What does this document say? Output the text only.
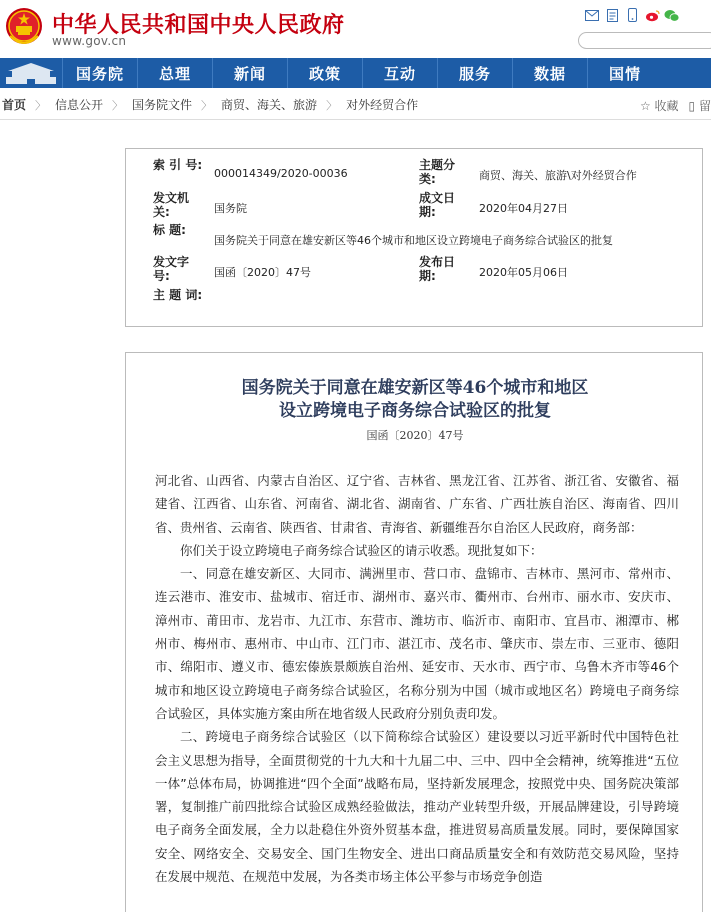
中华人民共和国中央人民政府
www.gov.cn
国务院	总理	新闻	政策	互动	服务	数据	国情
首页 〉 信息公开 〉 国务院文件 〉 商贸、海关、旅游 〉 对外经贸合作	☆ 收藏 ▯ 留
索 引 号:
000014349/2020-00036
主题分 类:	商贸、海关、旅游\对外经贸合作
发文机 关:	国务院
成文日 期:	2020年04月27日
标 题:
国务院关于同意在雄安新区等46个城市和地区设立跨境电子商务综合试验区的批复
发文字 号:	国函〔2020〕47号
发布日 期:	2020年05月06日
主 题 词:
国务院关于同意在雄安新区等46个城市和地区
设立跨境电子商务综合试验区的批复
国函〔2020〕47号

河北省、山西省、内蒙古自治区、辽宁省、吉林省、黑龙江省、江苏省、浙江省、安徽省、福建省、江西省、山东省、河南省、湖北省、湖南省、广东省、广西壮族自治区、海南省、四川省、贵州省、云南省、陕西省、甘肃省、青海省、新疆维吾尔自治区人民政府，商务部：

你们关于设立跨境电子商务综合试验区的请示收悉。现批复如下：

一、同意在雄安新区、大同市、满洲里市、营口市、盘锦市、吉林市、黑河市、常州市、连云港市、淮安市、盐城市、宿迁市、湖州市、嘉兴市、衢州市、台州市、丽水市、安庆市、漳州市、莆田市、龙岩市、九江市、东营市、潍坊市、临沂市、南阳市、宜昌市、湘潭市、郴州市、梅州市、惠州市、中山市、江门市、湛江市、茂名市、肇庆市、崇左市、三亚市、德阳市、绵阳市、遵义市、德宏傣族景颇族自治州、延安市、天水市、西宁市、乌鲁木齐市等46个城市和地区设立跨境电子商务综合试验区，名称分别为中国（城市或地区名）跨境电子商务综合试验区，具体实施方案由所在地省级人民政府分别负责印发。

二、跨境电子商务综合试验区（以下简称综合试验区）建设要以习近平新时代中国特色社会主义思想为指导，全面贯彻党的十九大和十九届二中、三中、四中全会精神，统筹推进“五位一体”总体布局，协调推进“四个全面”战略布局，坚持新发展理念，按照党中央、国务院决策部署，复制推广前四批综合试验区成熟经验做法，推动产业转型升级，开展品牌建设，引导跨境电子商务全面发展，全力以赴稳住外资外贸基本盘，推进贸易高质量发展。同时，要保障国家安全、网络安全、交易安全、国门生物安全、进出口商品质量安全和有效防范交易风险，坚持在发展中规范、在规范中发展，为各类市场主体公平参与市场竞争创造
